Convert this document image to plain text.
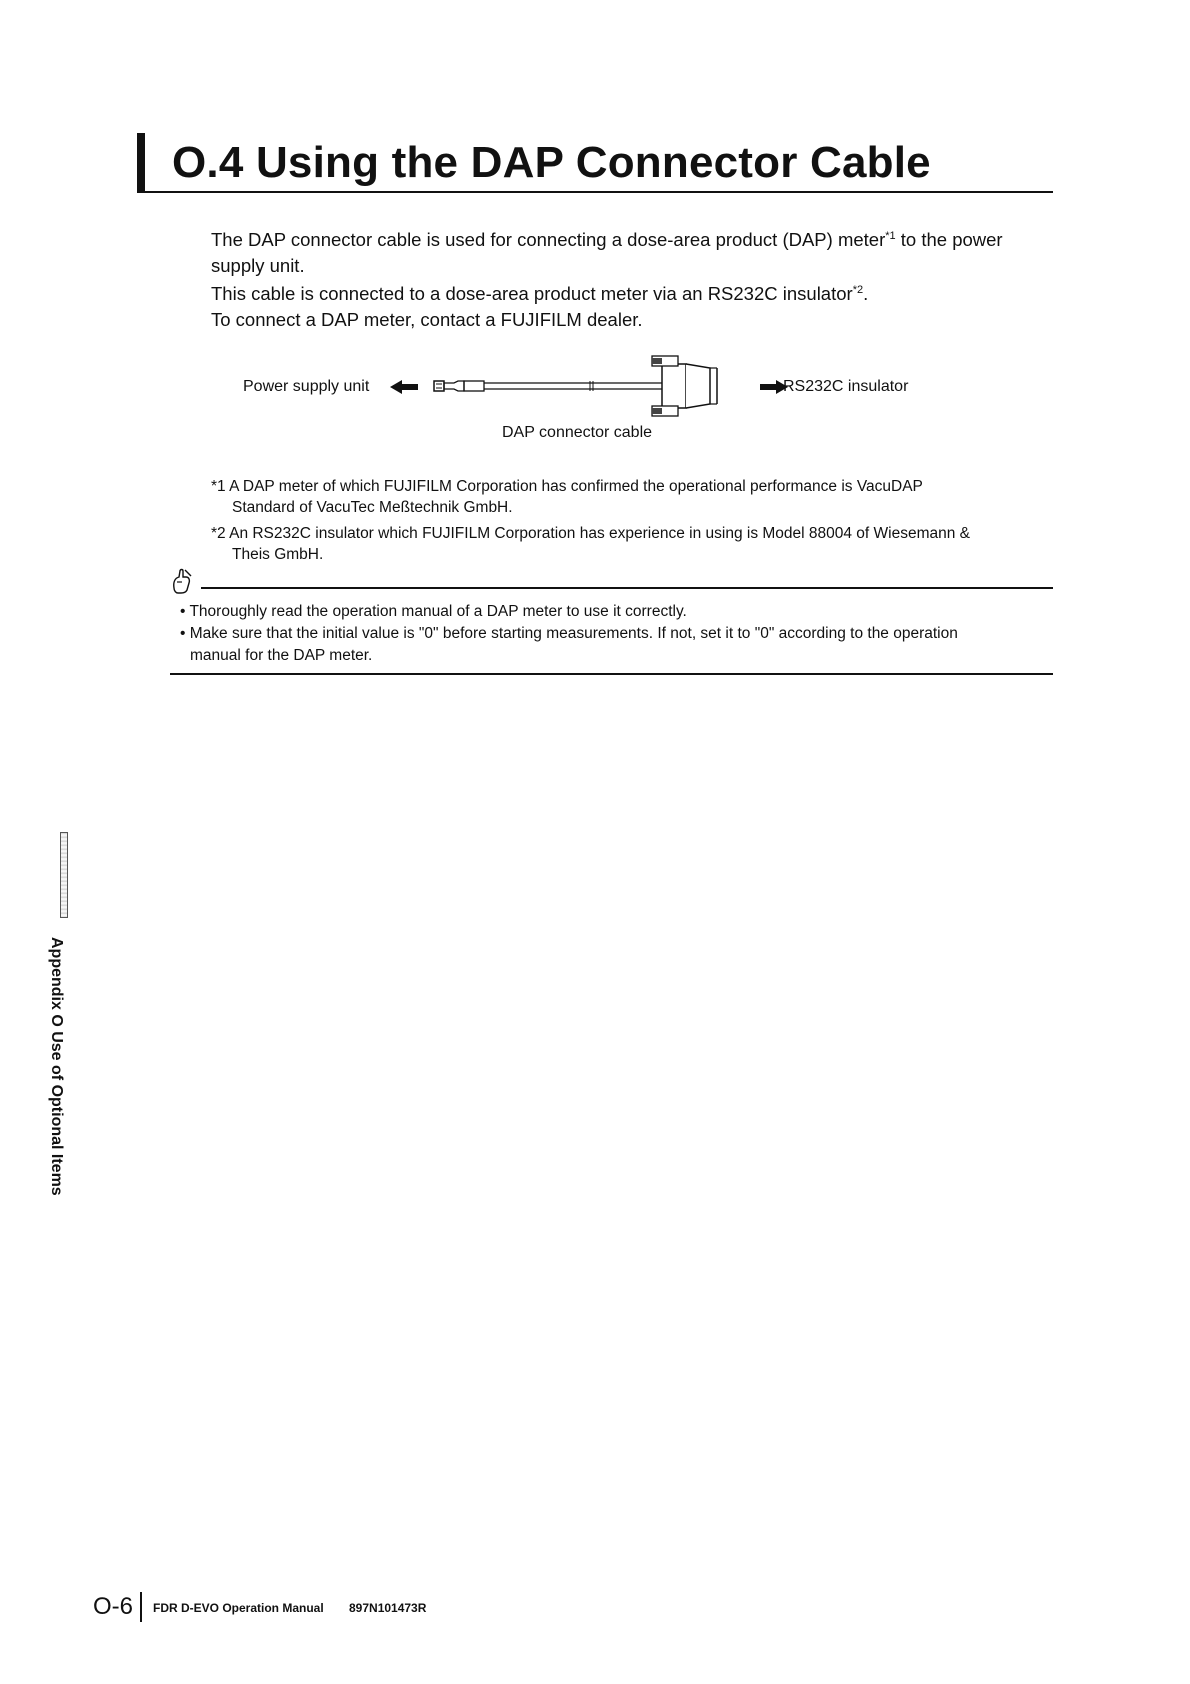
O.4 Using the DAP Connector Cable
The DAP connector cable is used for connecting a dose-area product (DAP) meter$^{*1}$ to the power
supply unit.
This cable is connected to a dose-area product meter via an RS232C insulator$^{*2}$.
To connect a DAP meter, contact a FUJIFILM dealer.
Power supply unit	RS232C insulator
DAP connector cable
*1 A DAP meter of which FUJIFILM Corporation has confirmed the operational performance is VacuDAP
Standard of VacuTec Meßtechnik GmbH.
*2 An RS232C insulator which FUJIFILM Corporation has experience in using is Model 88004 of Wiesemann &
Theis GmbH.
• Thoroughly read the operation manual of a DAP meter to use it correctly.
• Make sure that the initial value is "0" before starting measurements. If not, set it to "0" according to the operation
manual for the DAP meter.
Appendix O Use of Optional Items
O-6 FDR D-EVO Operation Manual 897N101473R
